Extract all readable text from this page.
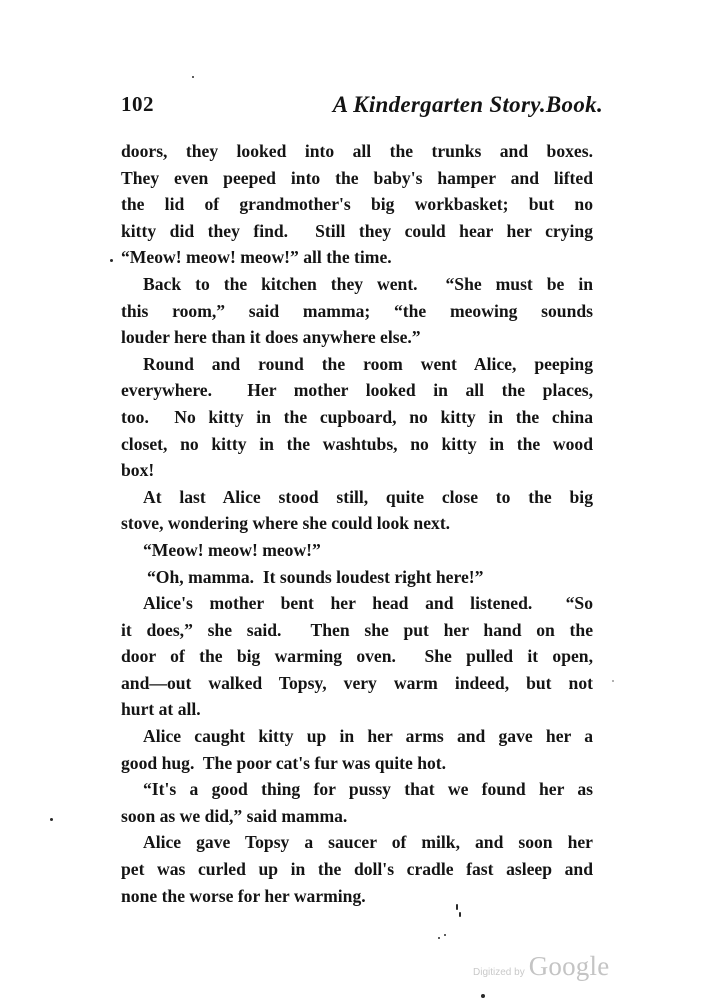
102	A Kindergarten Story.Book.
doors, they looked into all the trunks and boxes.
They even peeped into the baby's hamper and lifted
the lid of grandmother's big workbasket; but no
kitty did they find.  Still they could hear her crying
“Meow! meow! meow!” all the time.
Back to the kitchen they went.  “She must be in
this room,” said mamma; “the meowing sounds
louder here than it does anywhere else.”
Round and round the room went Alice, peeping
everywhere.  Her mother looked in all the places,
too.  No kitty in the cupboard, no kitty in the china
closet, no kitty in the washtubs, no kitty in the wood
box!
At last Alice stood still, quite close to the big
stove, wondering where she could look next.
“Meow! meow! meow!”
“Oh, mamma.  It sounds loudest right here!”
Alice's mother bent her head and listened.  “So
it does,” she said.  Then she put her hand on the
door of the big warming oven.  She pulled it open,
and—out walked Topsy, very warm indeed, but not
hurt at all.
Alice caught kitty up in her arms and gave her a
good hug.  The poor cat's fur was quite hot.
“It's a good thing for pussy that we found her as
soon as we did,” said mamma.
Alice gave Topsy a saucer of milk, and soon her
pet was curled up in the doll's cradle fast asleep and
none the worse for her warming.
Digitized by Google
